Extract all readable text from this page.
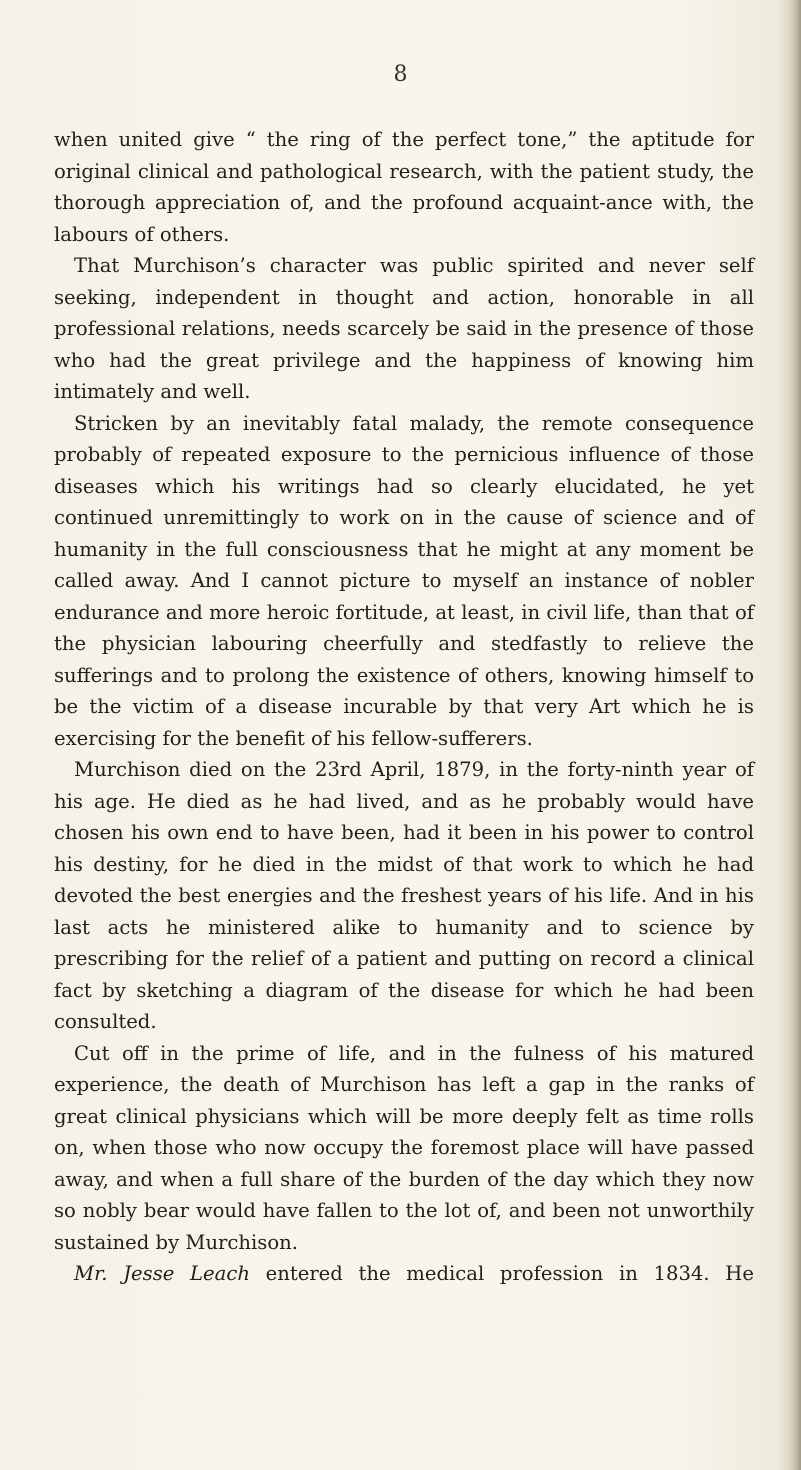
8

when united give “ the ring of the perfect tone,” the aptitude for original clinical and pathological research, with the patient study, the thorough appreciation of, and the profound acquaint-ance with, the labours of others.

That Murchison’s character was public spirited and never self seeking, independent in thought and action, honorable in all professional relations, needs scarcely be said in the presence of those who had the great privilege and the happiness of knowing him intimately and well.

Stricken by an inevitably fatal malady, the remote consequence probably of repeated exposure to the pernicious influence of those diseases which his writings had so clearly elucidated, he yet continued unremittingly to work on in the cause of science and of humanity in the full consciousness that he might at any moment be called away. And I cannot picture to myself an instance of nobler endurance and more heroic fortitude, at least, in civil life, than that of the physician labouring cheerfully and stedfastly to relieve the sufferings and to prolong the existence of others, knowing himself to be the victim of a disease incurable by that very Art which he is exercising for the benefit of his fellow-sufferers.

Murchison died on the 23rd April, 1879, in the forty-ninth year of his age. He died as he had lived, and as he probably would have chosen his own end to have been, had it been in his power to control his destiny, for he died in the midst of that work to which he had devoted the best energies and the freshest years of his life. And in his last acts he ministered alike to humanity and to science by prescribing for the relief of a patient and putting on record a clinical fact by sketching a diagram of the disease for which he had been consulted.

Cut off in the prime of life, and in the fulness of his matured experience, the death of Murchison has left a gap in the ranks of great clinical physicians which will be more deeply felt as time rolls on, when those who now occupy the foremost place will have passed away, and when a full share of the burden of the day which they now so nobly bear would have fallen to the lot of, and been not unworthily sustained by Murchison.

Mr. Jesse Leach entered the medical profession in 1834. He
